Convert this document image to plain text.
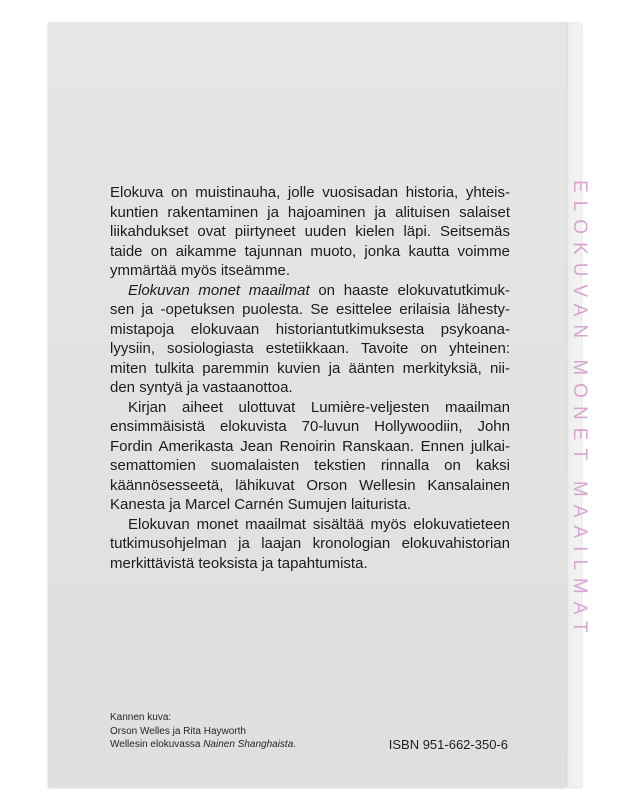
ELOKUVAN MONET MAAILMAT
Elokuva on muistinauha, jolle vuosisadan historia, yhteis-
kuntien rakentaminen ja hajoaminen ja alituisen salaiset
liikahdukset ovat piirtyneet uuden kielen läpi. Seitsemäs
taide on aikamme tajunnan muoto, jonka kautta voimme
ymmärtää myös itseämme.
Elokuvan monet maailmat on haaste elokuvatutkimuk-
sen ja -opetuksen puolesta. Se esittelee erilaisia lähesty-
mistapoja elokuvaan historiantutkimuksesta psykoana-
lyysiin, sosiologiasta estetiikkaan. Tavoite on yhteinen:
miten tulkita paremmin kuvien ja äänten merkityksiä, nii-
den syntyä ja vastaanottoa.
Kirjan aiheet ulottuvat Lumière-veljesten maailman
ensimmäisistä elokuvista 70-luvun Hollywoodiin, John
Fordin Amerikasta Jean Renoirin Ranskaan. Ennen julkai-
semattomien suomalaisten tekstien rinnalla on kaksi
käännösesseetä, lähikuvat Orson Wellesin Kansalainen
Kanesta ja Marcel Carnén Sumujen laiturista.
Elokuvan monet maailmat sisältää myös elokuvatieteen
tutkimusohjelman ja laajan kronologian elokuvahistorian
merkittävistä teoksista ja tapahtumista.
Kannen kuva:
Orson Welles ja Rita Hayworth
Wellesin elokuvassa Nainen Shanghaista.	ISBN 951-662-350-6
